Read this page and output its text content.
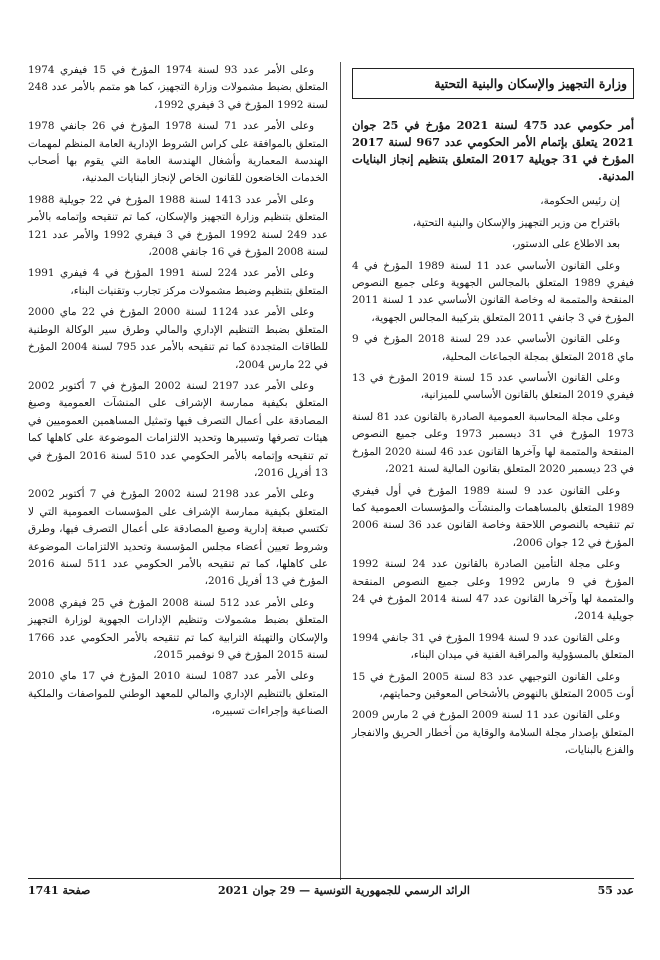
وزارة التجهيز والإسكان والبنية التحتية

أمر حكومي عدد 475 لسنة 2021 مؤرخ في 25 جوان 2021 يتعلق بإتمام الأمر الحكومي عدد 967 لسنة 2017 المؤرخ في 31 جويلية 2017 المتعلق بتنظيم إنجاز البنايات المدنية.

إن رئيس الحكومة،

باقتراح من وزير التجهيز والإسكان والبنية التحتية،

بعد الاطلاع على الدستور،

وعلى القانون الأساسي عدد 11 لسنة 1989 المؤرخ في 4 فيفري 1989 المتعلق بالمجالس الجهوية وعلى جميع النصوص المنقحة والمتممة له وخاصة القانون الأساسي عدد 1 لسنة 2011 المؤرخ في 3 جانفي 2011 المتعلق بتركيبة المجالس الجهوية،

وعلى القانون الأساسي عدد 29 لسنة 2018 المؤرخ في 9 ماي 2018 المتعلق بمجلة الجماعات المحلية،

وعلى القانون الأساسي عدد 15 لسنة 2019 المؤرخ في 13 فيفري 2019 المتعلق بالقانون الأساسي للميزانية،

وعلى مجلة المحاسبة العمومية الصادرة بالقانون عدد 81 لسنة 1973 المؤرخ في 31 ديسمبر 1973 وعلى جميع النصوص المنقحة والمتممة لها وآخرها القانون عدد 46 لسنة 2020 المؤرخ في 23 ديسمبر 2020 المتعلق بقانون المالية لسنة 2021،

وعلى القانون عدد 9 لسنة 1989 المؤرخ في أول فيفري 1989 المتعلق بالمساهمات والمنشآت والمؤسسات العمومية كما تم تنقيحه بالنصوص اللاحقة وخاصة القانون عدد 36 لسنة 2006 المؤرخ في 12 جوان 2006،

وعلى مجلة التأمين الصادرة بالقانون عدد 24 لسنة 1992 المؤرخ في 9 مارس 1992 وعلى جميع النصوص المنقحة والمتممة لها وآخرها القانون عدد 47 لسنة 2014 المؤرخ في 24 جويلية 2014،

وعلى القانون عدد 9 لسنة 1994 المؤرخ في 31 جانفي 1994 المتعلق بالمسؤولية والمراقبة الفنية في ميدان البناء،

وعلى القانون التوجيهي عدد 83 لسنة 2005 المؤرخ في 15 أوت 2005 المتعلق بالنهوض بالأشخاص المعوقين وحمايتهم،

وعلى القانون عدد 11 لسنة 2009 المؤرخ في 2 مارس 2009 المتعلق بإصدار مجلة السلامة والوقاية من أخطار الحريق والانفجار والفزع بالبنايات،

وعلى الأمر عدد 93 لسنة 1974 المؤرخ في 15 فيفري 1974 المتعلق بضبط مشمولات وزارة التجهيز، كما هو متمم بالأمر عدد 248 لسنة 1992 المؤرخ في 3 فيفري 1992،

وعلى الأمر عدد 71 لسنة 1978 المؤرخ في 26 جانفي 1978 المتعلق بالموافقة على كراس الشروط الإدارية العامة المنظم لمهمات الهندسة المعمارية وأشغال الهندسة العامة التي يقوم بها أصحاب الخدمات الخاضعون للقانون الخاص لإنجاز البنايات المدنية،

وعلى الأمر عدد 1413 لسنة 1988 المؤرخ في 22 جويلية 1988 المتعلق بتنظيم وزارة التجهيز والإسكان، كما تم تنقيحه وإتمامه بالأمر عدد 249 لسنة 1992 المؤرخ في 3 فيفري 1992 والأمر عدد 121 لسنة 2008 المؤرخ في 16 جانفي 2008،

وعلى الأمر عدد 224 لسنة 1991 المؤرخ في 4 فيفري 1991 المتعلق بتنظيم وضبط مشمولات مركز تجارب وتقنيات البناء،

وعلى الأمر عدد 1124 لسنة 2000 المؤرخ في 22 ماي 2000 المتعلق بضبط التنظيم الإداري والمالي وطرق سير الوكالة الوطنية للطاقات المتجددة كما تم تنقيحه بالأمر عدد 795 لسنة 2004 المؤرخ في 22 مارس 2004،

وعلى الأمر عدد 2197 لسنة 2002 المؤرخ في 7 أكتوبر 2002 المتعلق بكيفية ممارسة الإشراف على المنشآت العمومية وصيغ المصادقة على أعمال التصرف فيها وتمثيل المساهمين العموميين في هيئات تصرفها وتسييرها وتحديد الالتزامات الموضوعة على كاهلها كما تم تنقيحه وإتمامه بالأمر الحكومي عدد 510 لسنة 2016 المؤرخ في 13 أفريل 2016،

وعلى الأمر عدد 2198 لسنة 2002 المؤرخ في 7 أكتوبر 2002 المتعلق بكيفية ممارسة الإشراف على المؤسسات العمومية التي لا تكتسي صبغة إدارية وصيغ المصادقة على أعمال التصرف فيها، وطرق وشروط تعيين أعضاء مجلس المؤسسة وتحديد الالتزامات الموضوعة على كاهلها، كما تم تنقيحه بالأمر الحكومي عدد 511 لسنة 2016 المؤرخ في 13 أفريل 2016،

وعلى الأمر عدد 512 لسنة 2008 المؤرخ في 25 فيفري 2008 المتعلق بضبط مشمولات وتنظيم الإدارات الجهوية لوزارة التجهيز والإسكان والتهيئة الترابية كما تم تنقيحه بالأمر الحكومي عدد 1766 لسنة 2015 المؤرخ في 9 نوفمبر 2015،

وعلى الأمر عدد 1087 لسنة 2010 المؤرخ في 17 ماي 2010 المتعلق بالتنظيم الإداري والمالي للمعهد الوطني للمواصفات والملكية الصناعية وإجراءات تسييره،

عدد 55
الرائد الرسمي للجمهورية التونسية — 29 جوان 2021
صفحة 1741
